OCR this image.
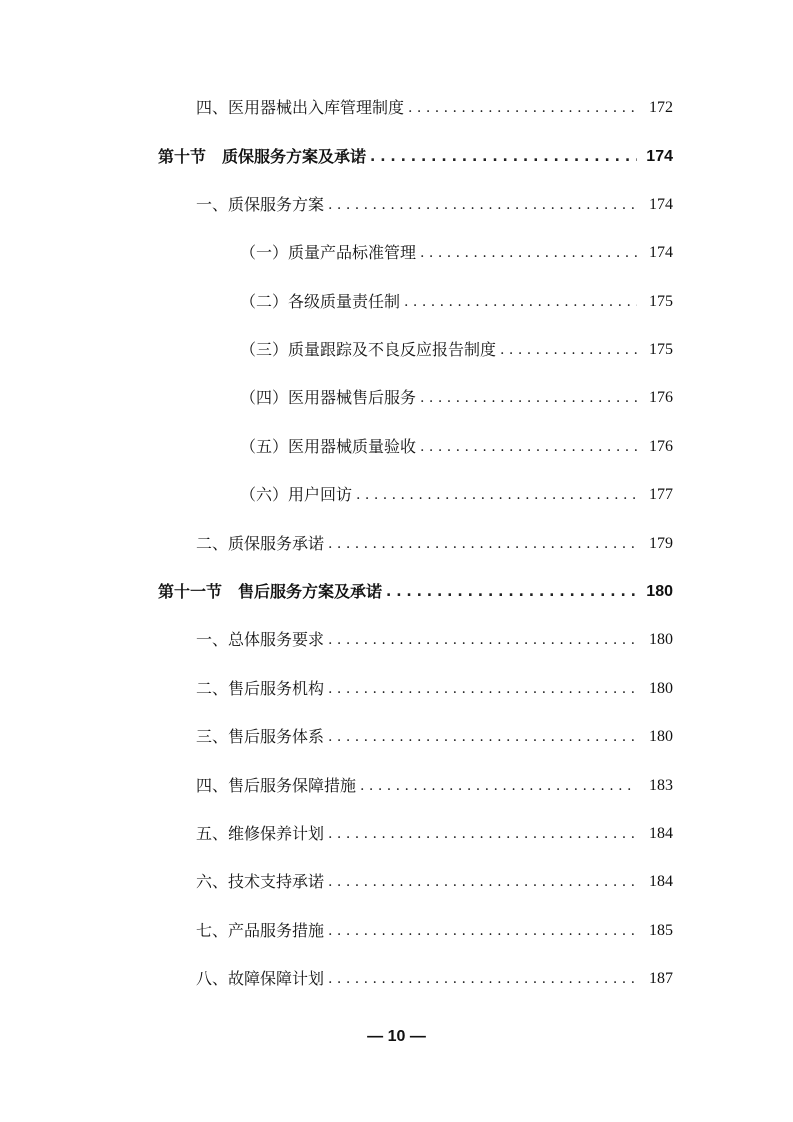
四、医用器械出入库管理制度 . . .	172
第十节 质保服务方案及承诺 . . .	174
一、质保服务方案 . . .	174
（一）质量产品标准管理 . . .	174
（二）各级质量责任制 . . .	175
（三）质量跟踪及不良反应报告制度 . . .	175
（四）医用器械售后服务 . . .	176
（五）医用器械质量验收 . . .	176
（六）用户回访 . . .	177
二、质保服务承诺 . . .	179
第十一节 售后服务方案及承诺 . . .	180
一、总体服务要求 . . .	180
二、售后服务机构 . . .	180
三、售后服务体系 . . .	180
四、售后服务保障措施 . . .	183
五、维修保养计划 . . .	184
六、技术支持承诺 . . .	184
七、产品服务措施 . . .	185
八、故障保障计划 . . .	187
— 10 —
